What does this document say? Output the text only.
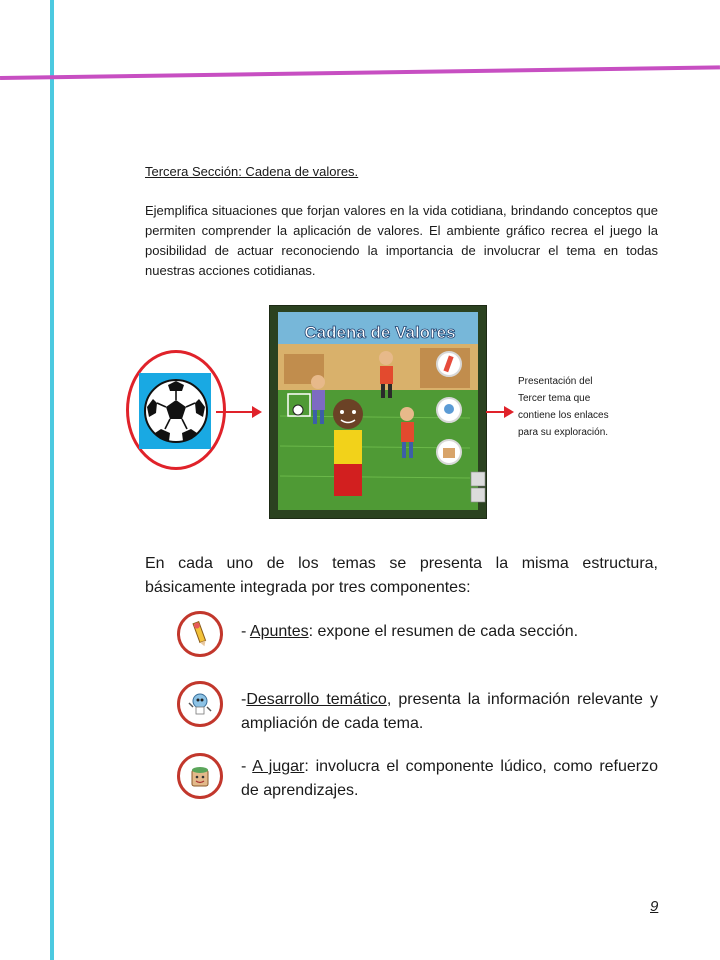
Tercera Sección: Cadena de valores.
Ejemplifica situaciones que forjan valores en la vida cotidiana, brindando conceptos que permiten comprender la aplicación de valores. El ambiente gráfico recrea el juego la posibilidad de actuar reconociendo la importancia de involucrar el tema en todas nuestras acciones cotidianas.
Cadena de Valores
Presentación del Tercer tema que contiene los enlaces para su exploración.
En cada uno de los temas se presenta la misma estructura, básicamente integrada por tres componentes:
- Apuntes: expone el resumen de cada sección.
-Desarrollo temático, presenta la información relevante y ampliación de cada tema.
- A jugar: involucra el componente lúdico, como refuerzo de aprendizajes.
9
